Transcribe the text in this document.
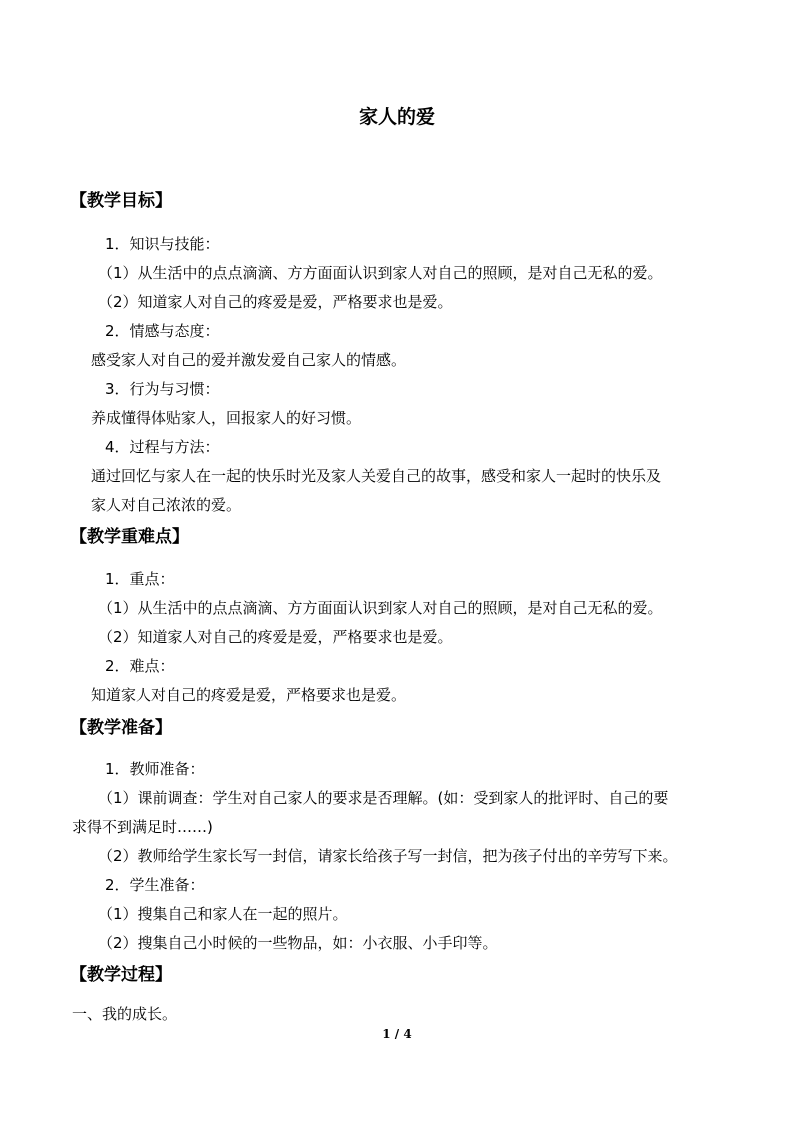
家人的爱
【教学目标】
1．知识与技能：
（1）从生活中的点点滴滴、方方面面认识到家人对自己的照顾，是对自己无私的爱。
（2）知道家人对自己的疼爱是爱，严格要求也是爱。
2．情感与态度：
感受家人对自己的爱并激发爱自己家人的情感。
3．行为与习惯：
养成懂得体贴家人，回报家人的好习惯。
4．过程与方法：
通过回忆与家人在一起的快乐时光及家人关爱自己的故事，感受和家人一起时的快乐及
家人对自己浓浓的爱。
【教学重难点】
1．重点：
（1）从生活中的点点滴滴、方方面面认识到家人对自己的照顾，是对自己无私的爱。
（2）知道家人对自己的疼爱是爱，严格要求也是爱。
2．难点：
知道家人对自己的疼爱是爱，严格要求也是爱。
【教学准备】
1．教师准备：
（1）课前调查：学生对自己家人的要求是否理解。(如：受到家人的批评时、自己的要
求得不到满足时……)
（2）教师给学生家长写一封信，请家长给孩子写一封信，把为孩子付出的辛劳写下来。
2．学生准备：
（1）搜集自己和家人在一起的照片。
（2）搜集自己小时候的一些物品，如：小衣服、小手印等。
【教学过程】
一、我的成长。
1 / 4
